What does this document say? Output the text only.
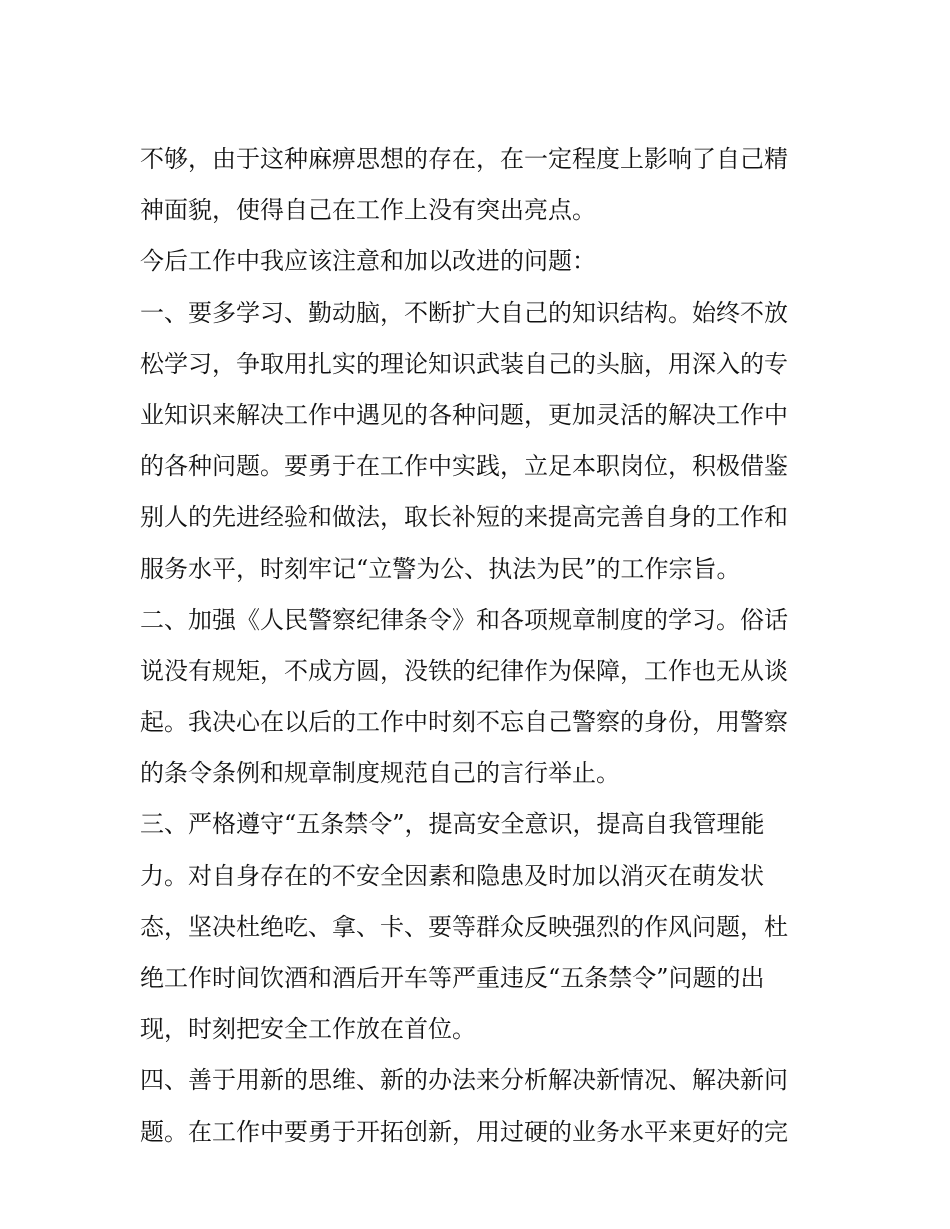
不够，由于这种麻痹思想的存在，在一定程度上影响了自己精
神面貌，使得自己在工作上没有突出亮点。
今后工作中我应该注意和加以改进的问题：
一、要多学习、勤动脑，不断扩大自己的知识结构。始终不放
松学习，争取用扎实的理论知识武装自己的头脑，用深入的专
业知识来解决工作中遇见的各种问题，更加灵活的解决工作中
的各种问题。要勇于在工作中实践，立足本职岗位，积极借鉴
别人的先进经验和做法，取长补短的来提高完善自身的工作和
服务水平，时刻牢记“立警为公、执法为民”的工作宗旨。
二、加强《人民警察纪律条令》和各项规章制度的学习。俗话
说没有规矩，不成方圆，没铁的纪律作为保障，工作也无从谈
起。我决心在以后的工作中时刻不忘自己警察的身份，用警察
的条令条例和规章制度规范自己的言行举止。
三、严格遵守“五条禁令”，提高安全意识，提高自我管理能
力。对自身存在的不安全因素和隐患及时加以消灭在萌发状
态，坚决杜绝吃、拿、卡、要等群众反映强烈的作风问题，杜
绝工作时间饮酒和酒后开车等严重违反“五条禁令”问题的出
现，时刻把安全工作放在首位。
四、善于用新的思维、新的办法来分析解决新情况、解决新问
题。在工作中要勇于开拓创新，用过硬的业务水平来更好的完
